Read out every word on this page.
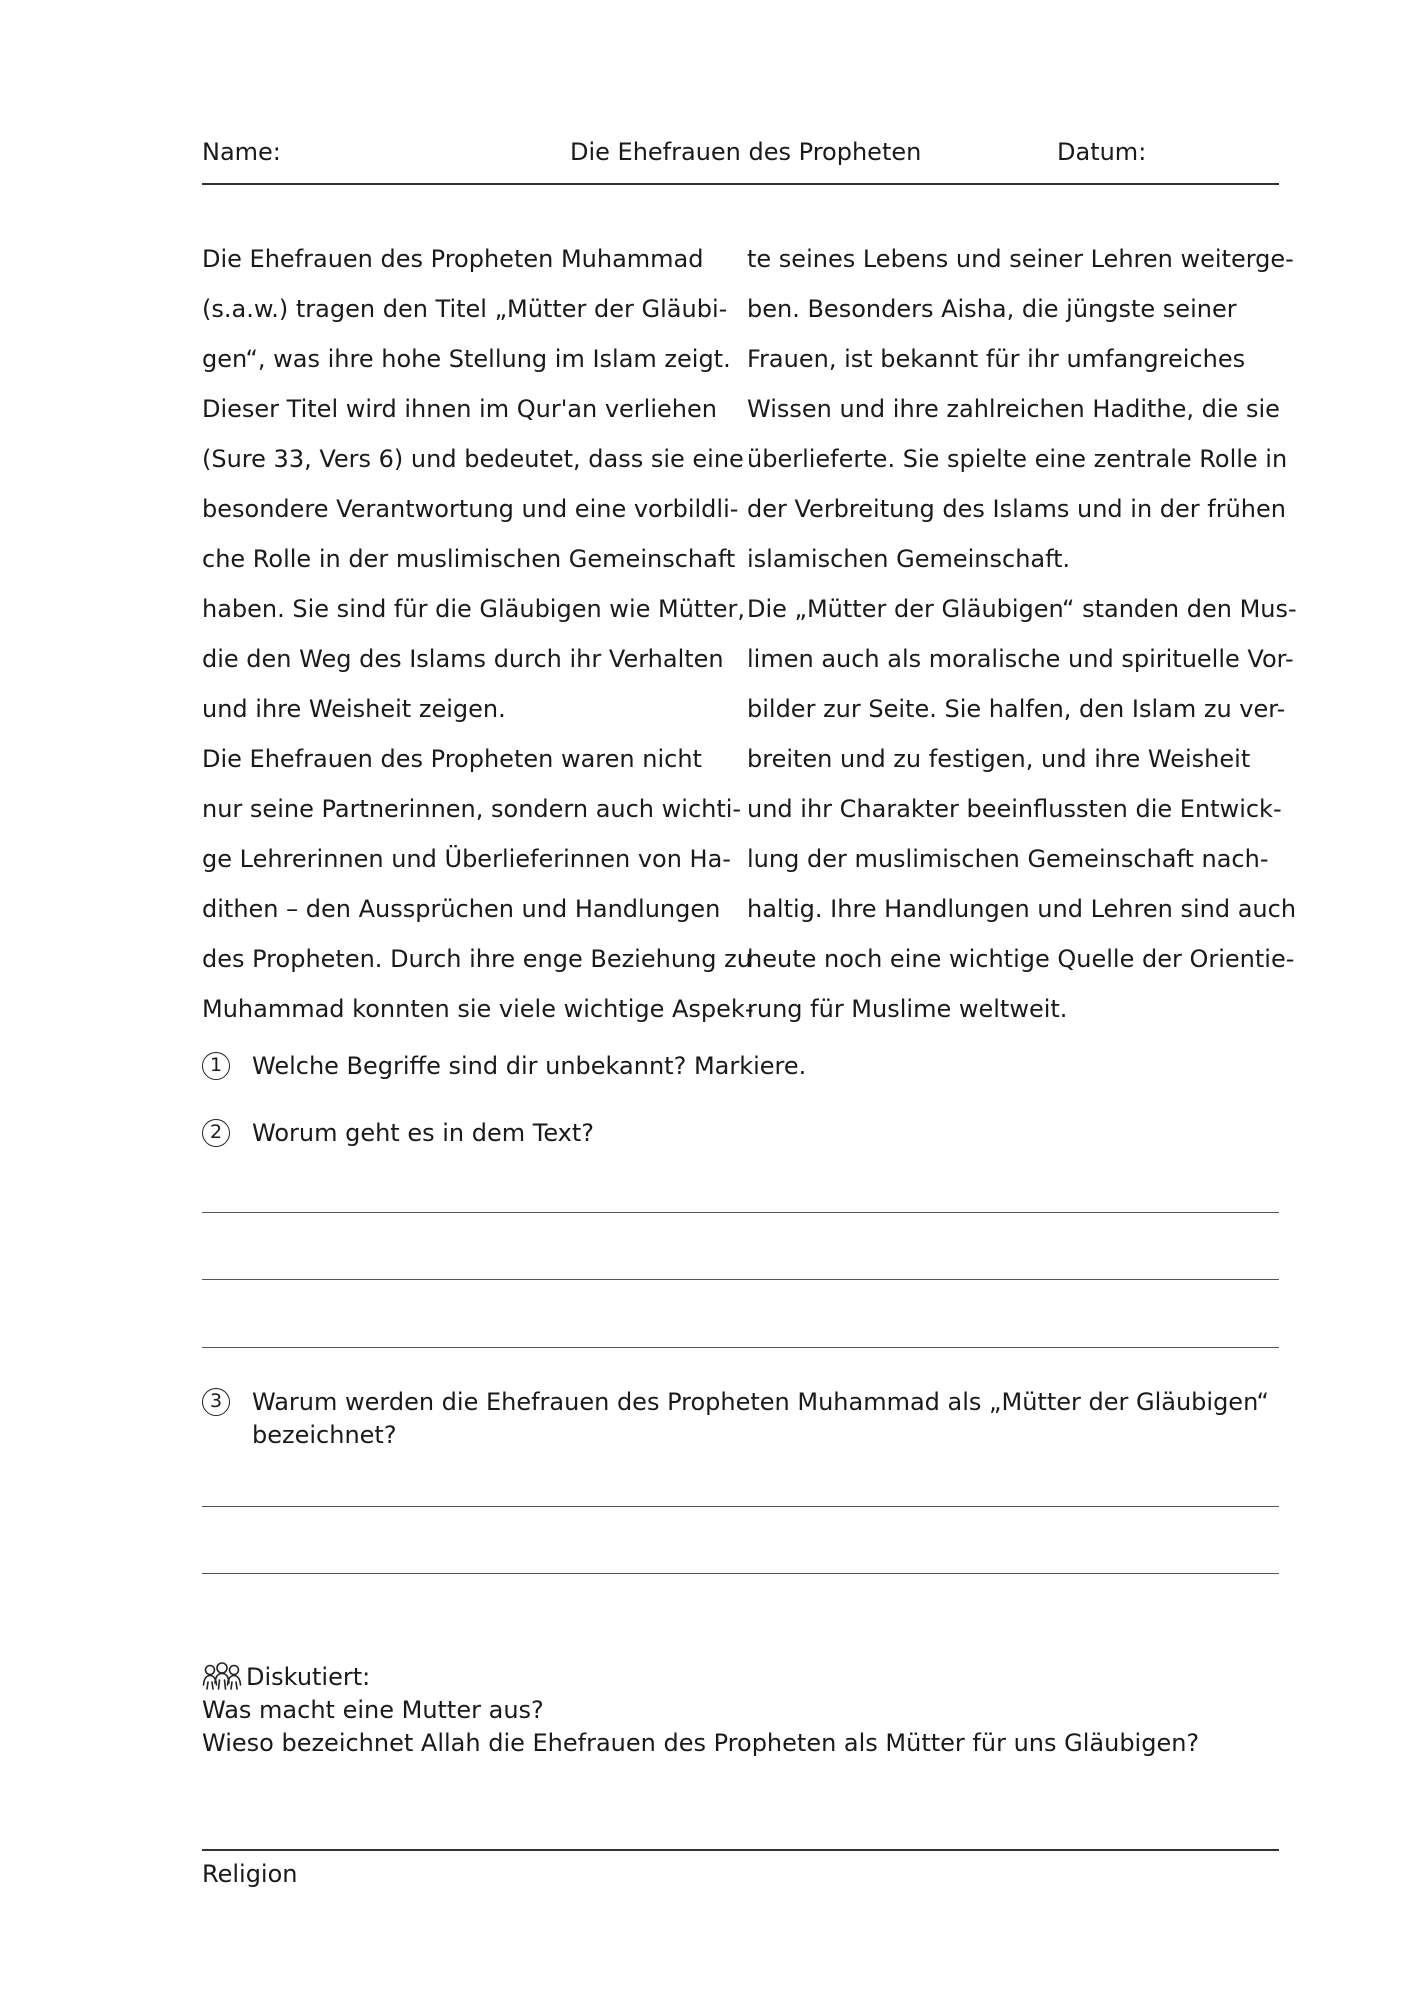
Name:	Die Ehefrauen des Propheten	Datum:
Die Ehefrauen des Propheten Muhammad
(s.a.w.) tragen den Titel „Mütter der Gläubi-
gen“, was ihre hohe Stellung im Islam zeigt.
Dieser Titel wird ihnen im Qur'an verliehen
(Sure 33, Vers 6) und bedeutet, dass sie eine
besondere Verantwortung und eine vorbildli-
che Rolle in der muslimischen Gemeinschaft
haben. Sie sind für die Gläubigen wie Mütter,
die den Weg des Islams durch ihr Verhalten
und ihre Weisheit zeigen.
Die Ehefrauen des Propheten waren nicht
nur seine Partnerinnen, sondern auch wichti-
ge Lehrerinnen und Überlieferinnen von Ha-
dithen – den Aussprüchen und Handlungen
des Propheten. Durch ihre enge Beziehung zu
Muhammad konnten sie viele wichtige Aspek-
te seines Lebens und seiner Lehren weiterge-
ben. Besonders Aisha, die jüngste seiner
Frauen, ist bekannt für ihr umfangreiches
Wissen und ihre zahlreichen Hadithe, die sie
überlieferte. Sie spielte eine zentrale Rolle in
der Verbreitung des Islams und in der frühen
islamischen Gemeinschaft.
Die „Mütter der Gläubigen“ standen den Mus-
limen auch als moralische und spirituelle Vor-
bilder zur Seite. Sie halfen, den Islam zu ver-
breiten und zu festigen, und ihre Weisheit
und ihr Charakter beeinflussten die Entwick-
lung der muslimischen Gemeinschaft nach-
haltig. Ihre Handlungen und Lehren sind auch
heute noch eine wichtige Quelle der Orientie-
rung für Muslime weltweit.
1	Welche Begriffe sind dir unbekannt? Markiere.
2	Worum geht es in dem Text?
3	Warum werden die Ehefrauen des Propheten Muhammad als „Mütter der Gläubigen“ bezeichnet?
Diskutiert:
Was macht eine Mutter aus?
Wieso bezeichnet Allah die Ehefrauen des Propheten als Mütter für uns Gläubigen?
Religion
